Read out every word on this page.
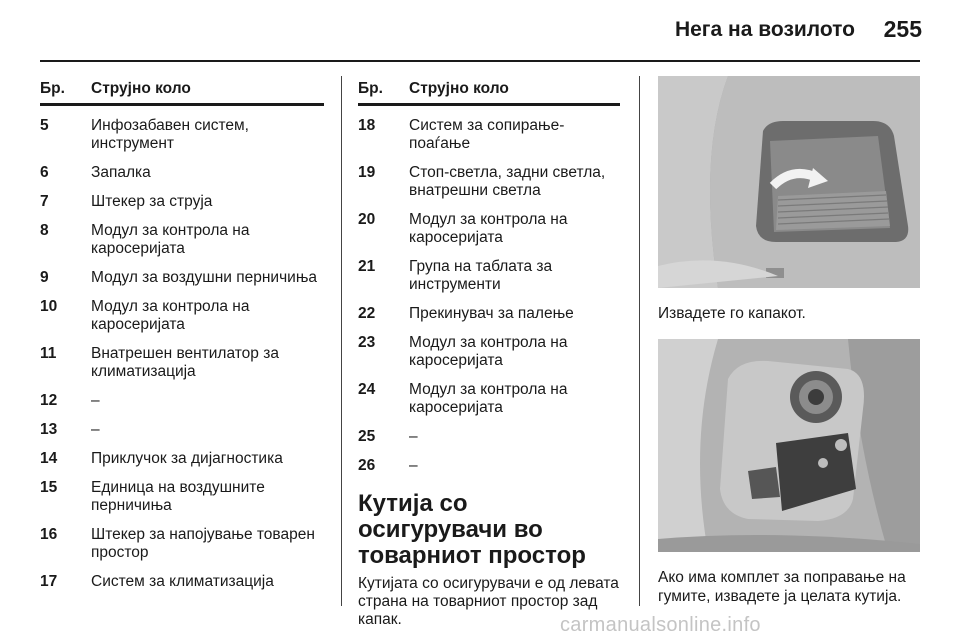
Нега на возилото 255
Бр.	Струјно коло
5	Инфозабавен систем, инструмент
6	Запалка
7	Штекер за струја
8	Модул за контрола на каросеријата
9	Модул за воздушни перничиња
10	Модул за контрола на каросеријата
11	Внатрешен вентилатор за климатизација
12	–
13	–
14	Приклучок за дијагностика
15	Единица на воздушните перничиња
16	Штекер за напојување товарен простор
17	Систем за климатизација
Бр.	Струјно коло
18	Систем за сопирање-поаѓање
19	Стоп-светла, задни светла, внатрешни светла
20	Модул за контрола на каросеријата
21	Група на таблата за инструменти
22	Прекинувач за палење
23	Модул за контрола на каросеријата
24	Модул за контрола на каросеријата
25	–
26	–
Кутија со осигурувачи во товарниот простор
Кутијата со осигурувачи е од левата страна на товарниот простор зад капак.
Извадете го капакот.
Ако има комплет за поправање на гумите, извадете ја целата кутија.
carmanualsonline.info
